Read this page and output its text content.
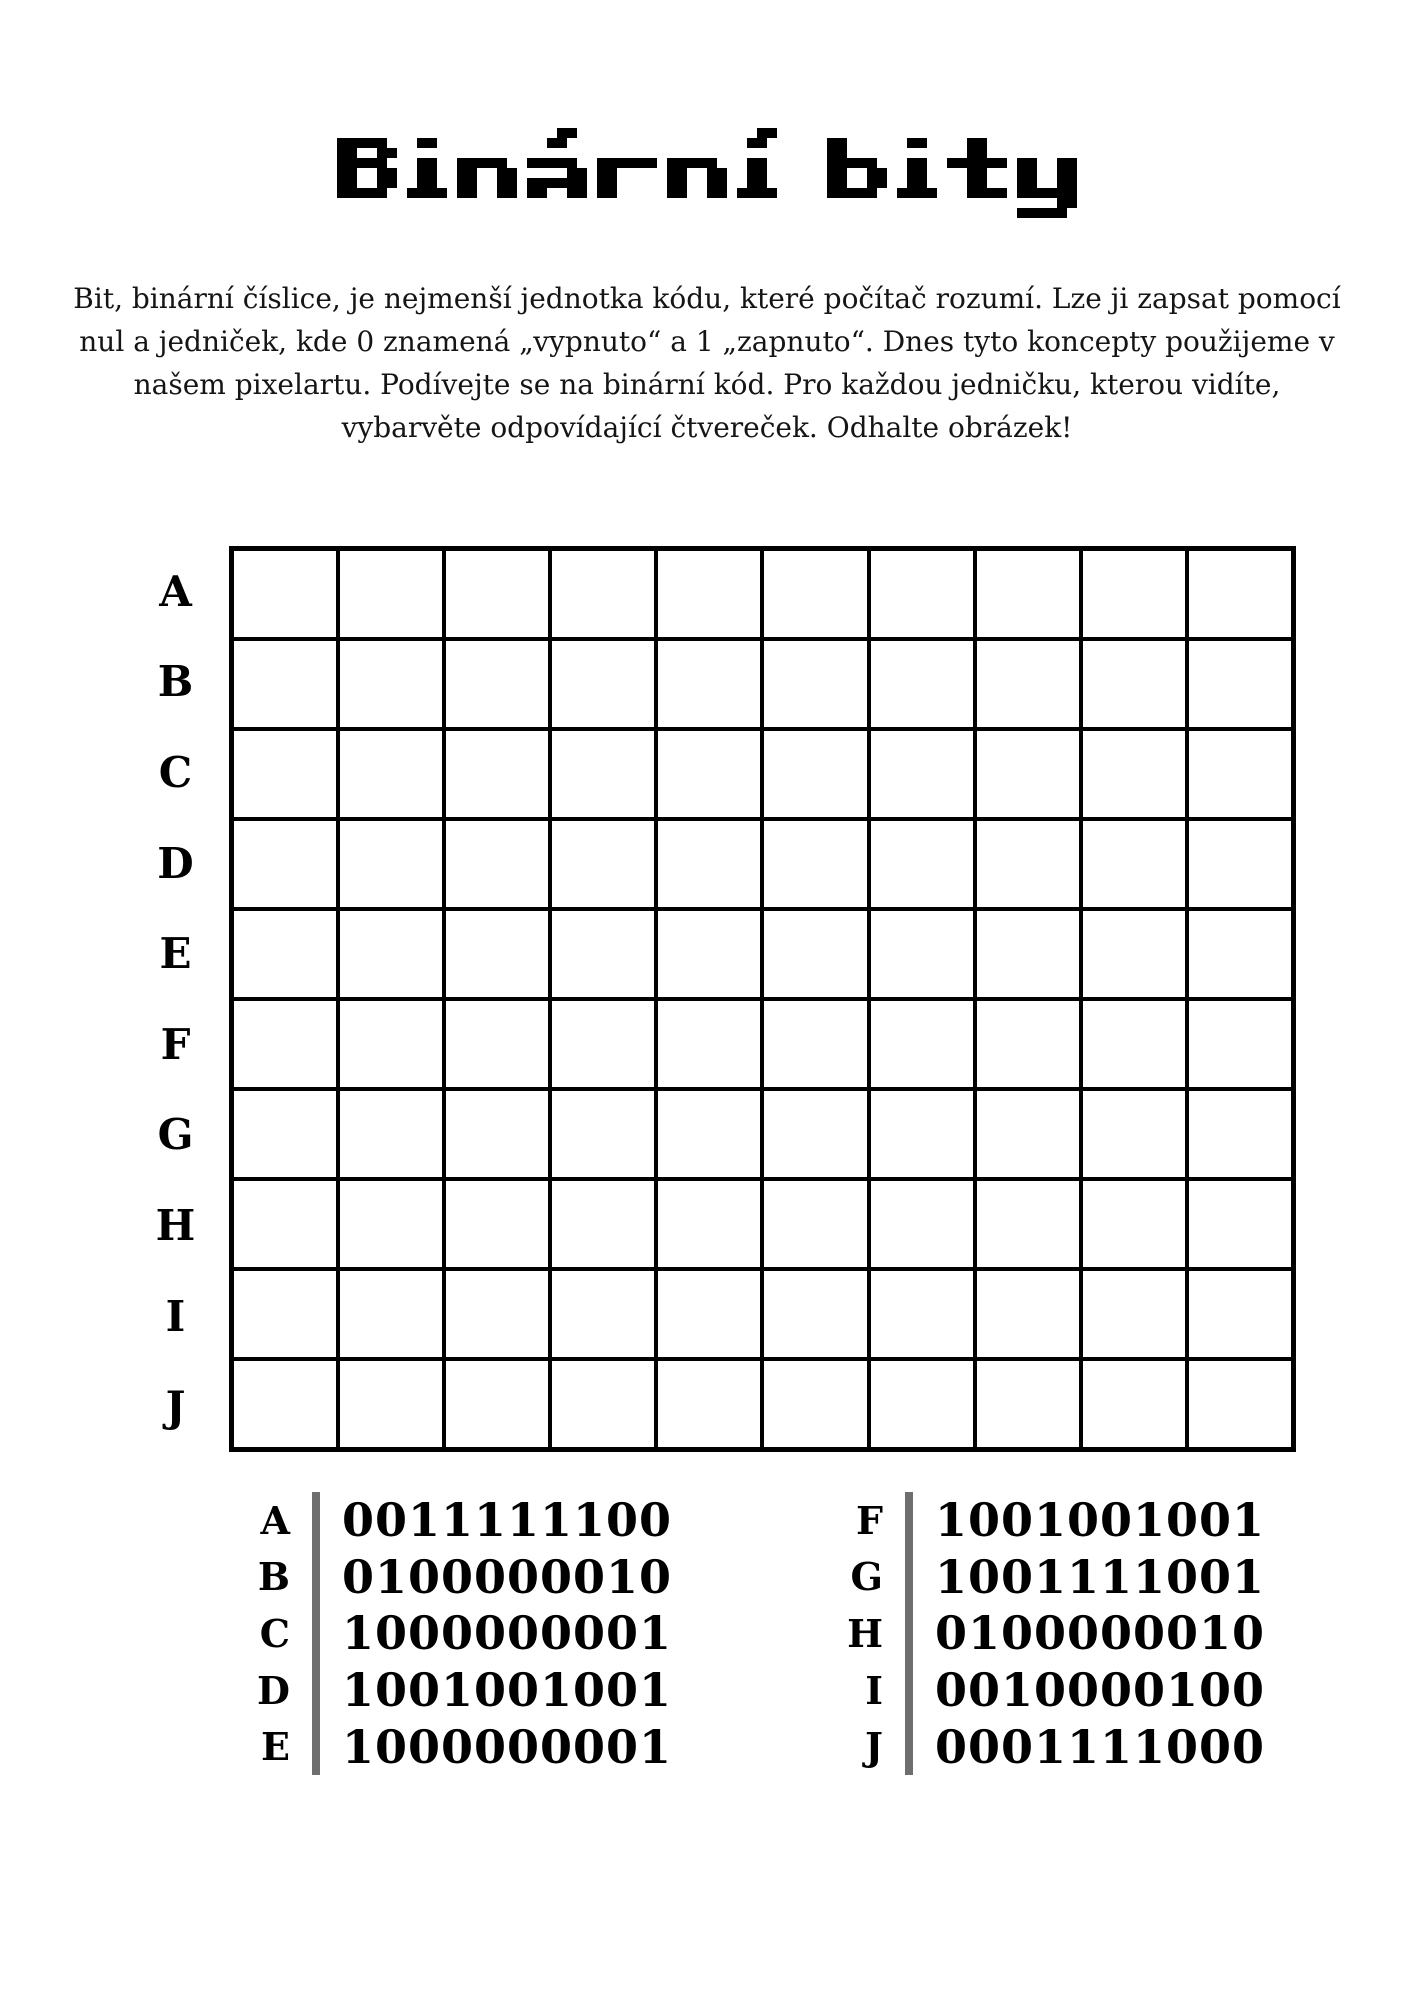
Bit, binární číslice, je nejmenší jednotka kódu, které počítač rozumí. Lze ji zapsat pomocí
nul a jedniček, kde 0 znamená „vypnuto“ a 1 „zapnuto“. Dnes tyto koncepty použijeme v
našem pixelartu. Podívejte se na binární kód. Pro každou jedničku, kterou vidíte,
vybarvěte odpovídající čtvereček. Odhalte obrázek!
A
B
C
D
E
F
G
H
I
J
A
B
C
D
E
0011111100
0100000010
1000000001
1001001001
1000000001
F
G
H
I
J
1001001001
1001111001
0100000010
0010000100
0001111000
